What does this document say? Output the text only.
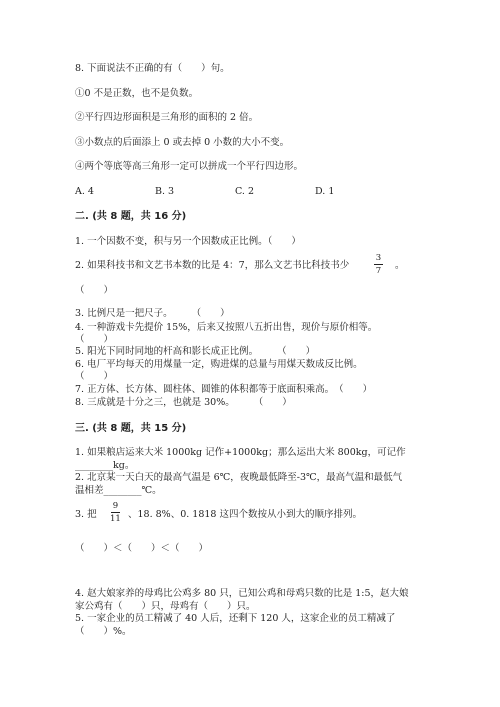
8. 下面说法不正确的有（　　）句。
①0 不是正数，也不是负数。
②平行四边形面积是三角形的面积的 2 倍。
③小数点的后面添上 0 或去掉 0 小数的大小不变。
④两个等底等高三角形一定可以拼成一个平行四边形。
A. 4	B. 3	C. 2	D. 1
二. (共 8 题，共 16 分)
1. 一个因数不变，积与另一个因数成正比例。（　　）
2. 如果科技书和文艺书本数的比是 4：7，那么文艺书比科技书少
3
7 。
（　　）
3. 比例尺是一把尺子。　　　（　　）
4. 一种游戏卡先提价 15%，后来又按照八五折出售，现价与原价相等。
（　　）
5. 阳光下同时同地的杆高和影长成正比例。　　　（　　）
6. 电厂平均每天的用煤量一定，购进煤的总量与用煤天数成反比例。
（　　）
7. 正方体、长方体、圆柱体、圆锥的体积都等于底面积乘高。　（　　）
8. 三成就是十分之三，也就是 30%。　　　（　　）
三. (共 8 题，共 15 分)
1. 如果粮店运来大米 1000kg 记作+1000kg；那么运出大米 800kg，可记作
________kg。
2. 北京某一天白天的最高气温是 6℃，夜晚最低降至-3℃，最高气温和最低气
温相差________℃。
3. 把
9
11 、18. 8%、0. 1818 这四个数按从小到大的顺序排列。
（　　）＜（　　）＜（　　）
4. 赵大娘家养的母鸡比公鸡多 80 只，已知公鸡和母鸡只数的比是 1:5，赵大娘
家公鸡有（　　）只，母鸡有（　　）只。
5. 一家企业的员工精减了 40 人后，还剩下 120 人，这家企业的员工精减了
（　　）%。
